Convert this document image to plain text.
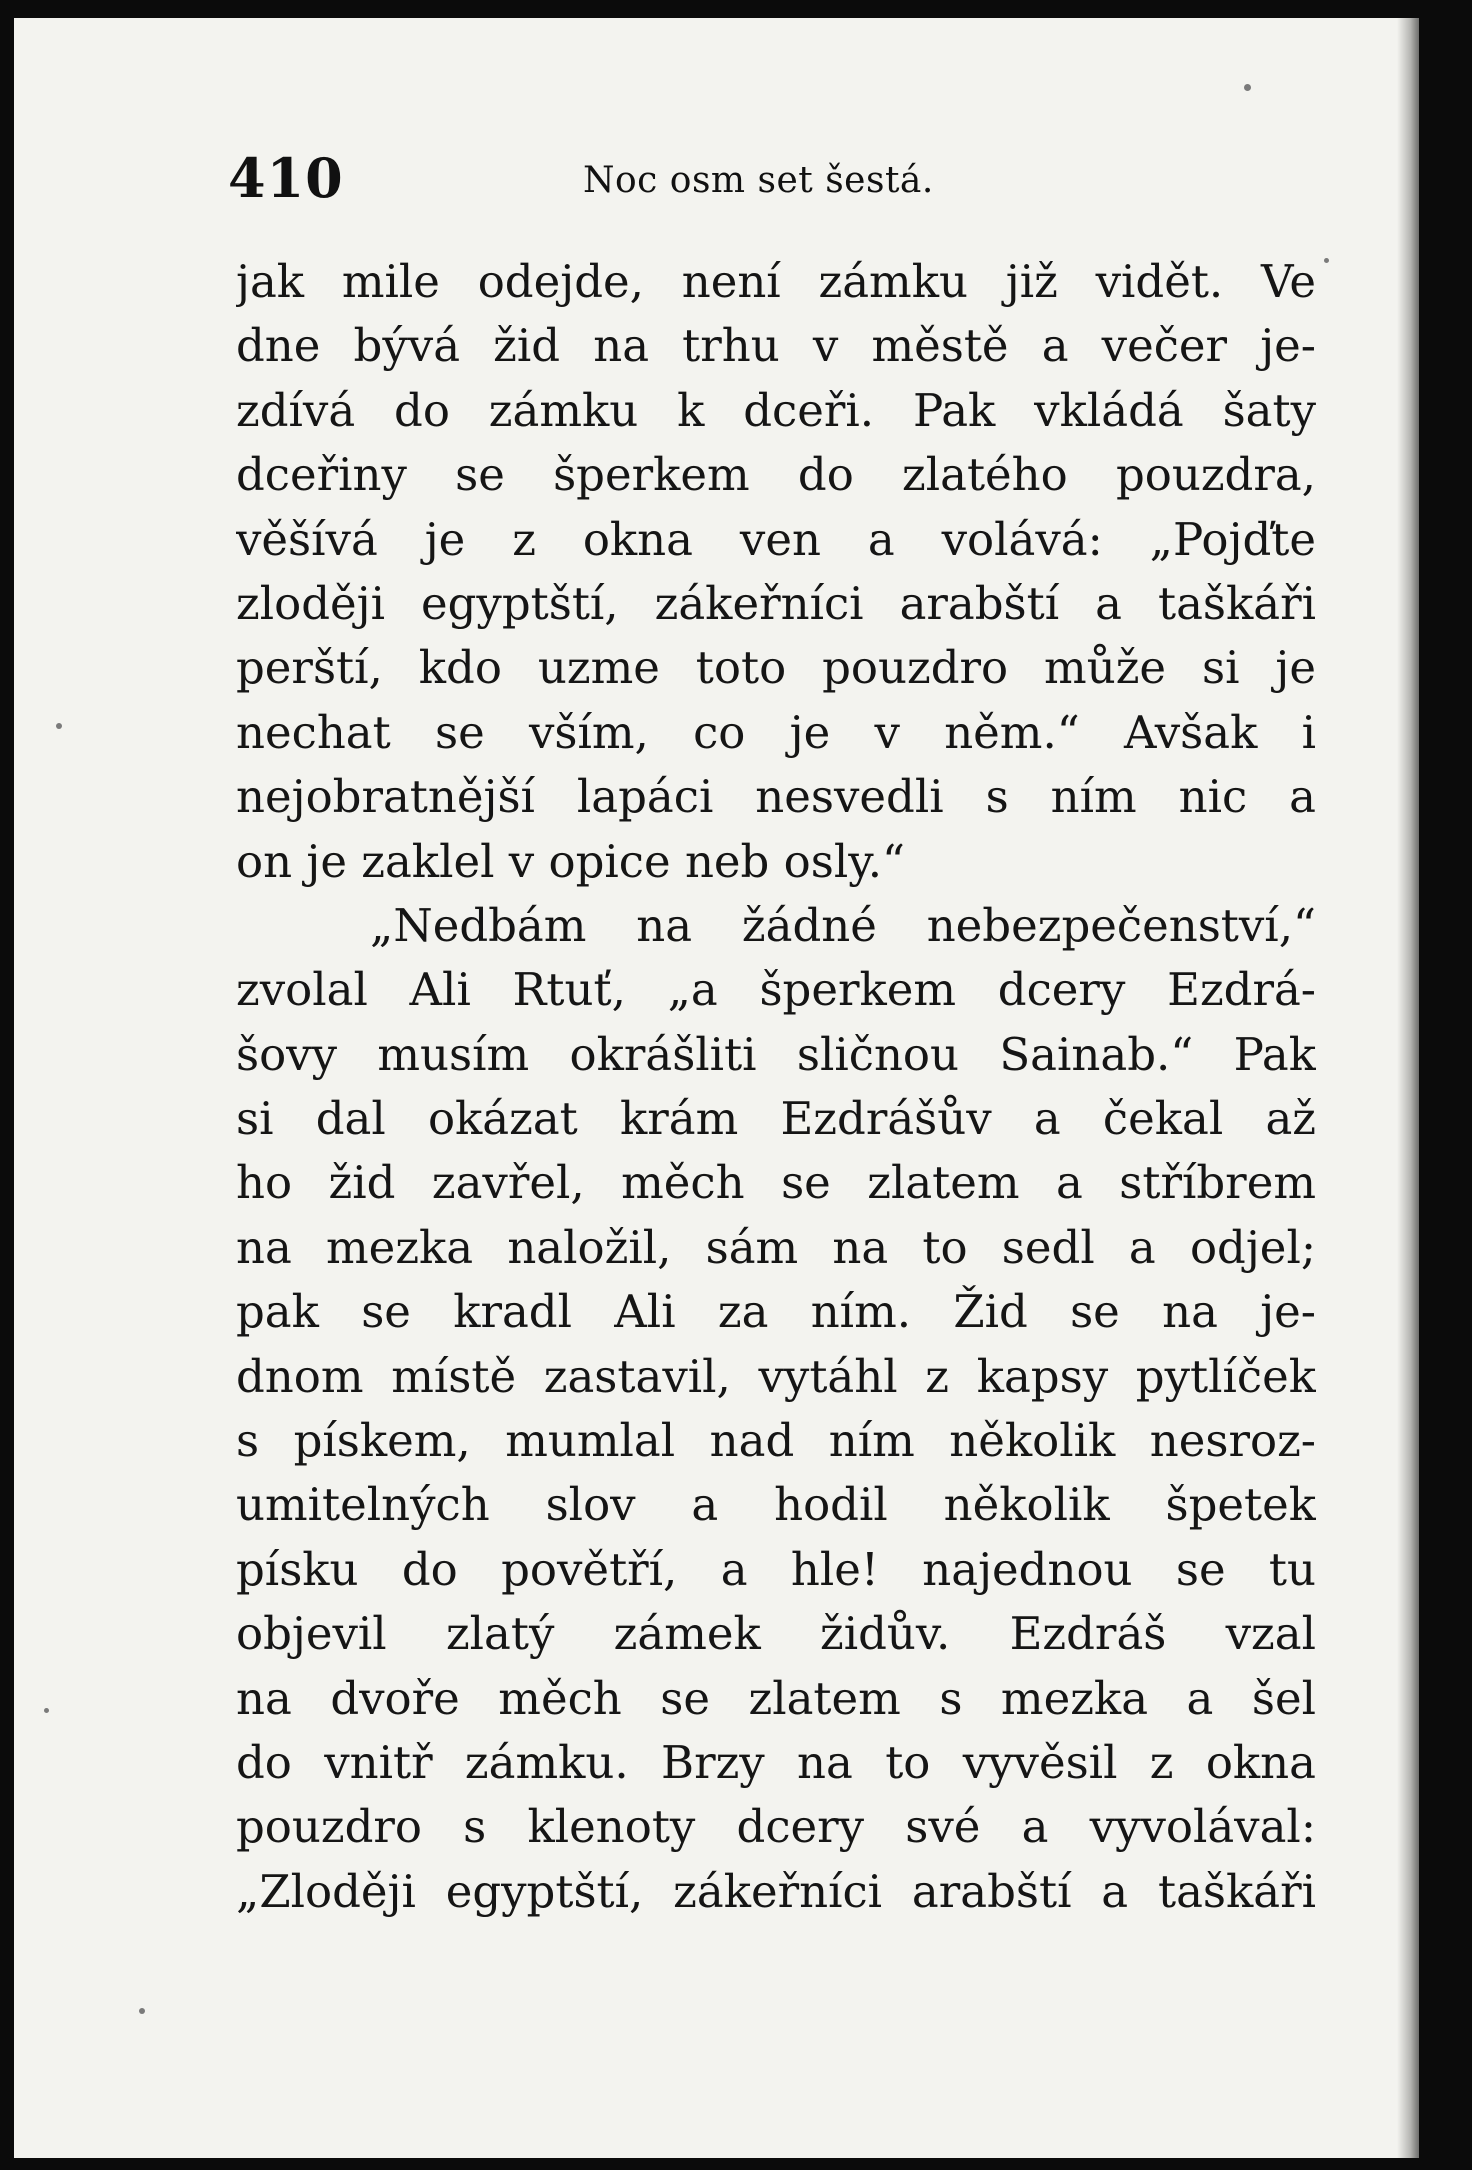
410	Noc osm set šestá.
jak mile odejde, není zámku již vidět. Ve
dne bývá žid na trhu v městě a večer je-
zdívá do zámku k dceři. Pak vkládá šaty
dceřiny se šperkem do zlatého pouzdra,
věšívá je z okna ven a volává: „Pojďte
zloději egyptští, zákeřníci arabští a taškáři
perští, kdo uzme toto pouzdro může si je
nechat se vším, co je v něm.“ Avšak i
nejobratnější lapáci nesvedli s ním nic a
on je zaklel v opice neb osly.“
„Nedbám na žádné nebezpečenství,“
zvolal Ali Rtuť, „a šperkem dcery Ezdrá-
šovy musím okrášliti sličnou Sainab.“ Pak
si dal okázat krám Ezdrášův a čekal až
ho žid zavřel, měch se zlatem a stříbrem
na mezka naložil, sám na to sedl a odjel;
pak se kradl Ali za ním. Žid se na je-
dnom místě zastavil, vytáhl z kapsy pytlíček
s pískem, mumlal nad ním několik nesroz-
umitelných slov a hodil několik špetek
písku do povětří, a hle! najednou se tu
objevil zlatý zámek židův. Ezdráš vzal
na dvoře měch se zlatem s mezka a šel
do vnitř zámku. Brzy na to vyvěsil z okna
pouzdro s klenoty dcery své a vyvolával:
„Zloději egyptští, zákeřníci arabští a taškáři
